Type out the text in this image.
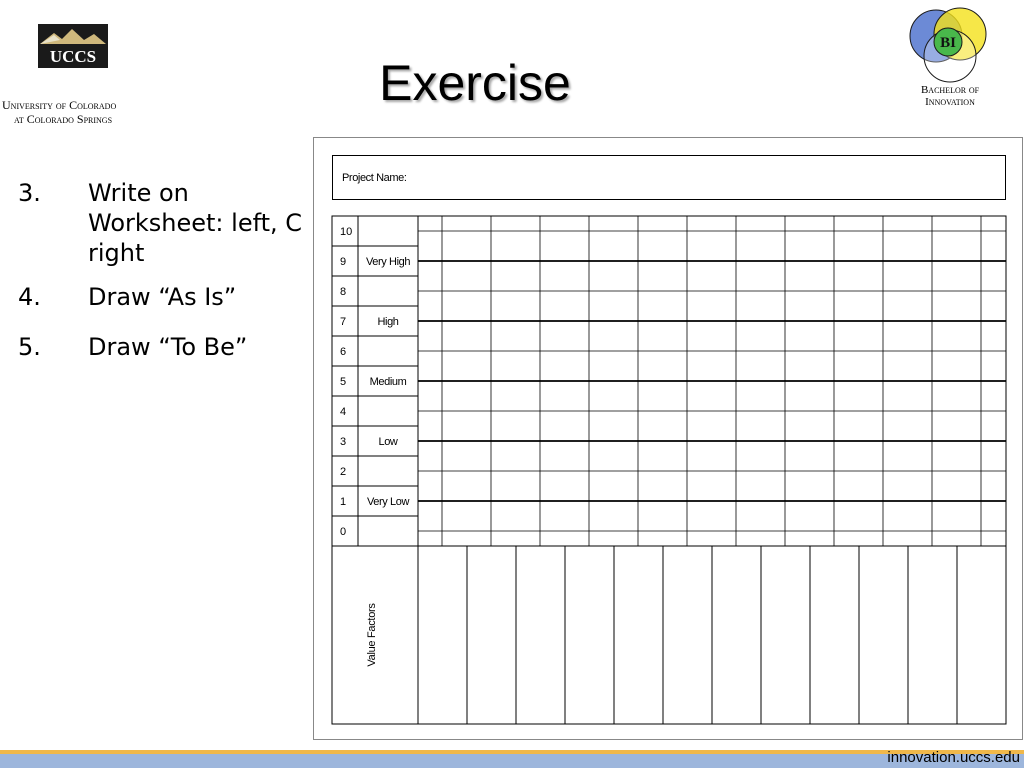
UCCS
University of Colorado
at Colorado Springs
Exercise
BI
Bachelor of
Innovation
3. Write on Worksheet: left, C right
4. Draw “As Is”
5. Draw “To Be”
Project Name:
10
9
8
7
6
5
4
3
2
1
0
Very High
High
Medium
Low
Very Low
Value Factors
innovation.uccs.edu
